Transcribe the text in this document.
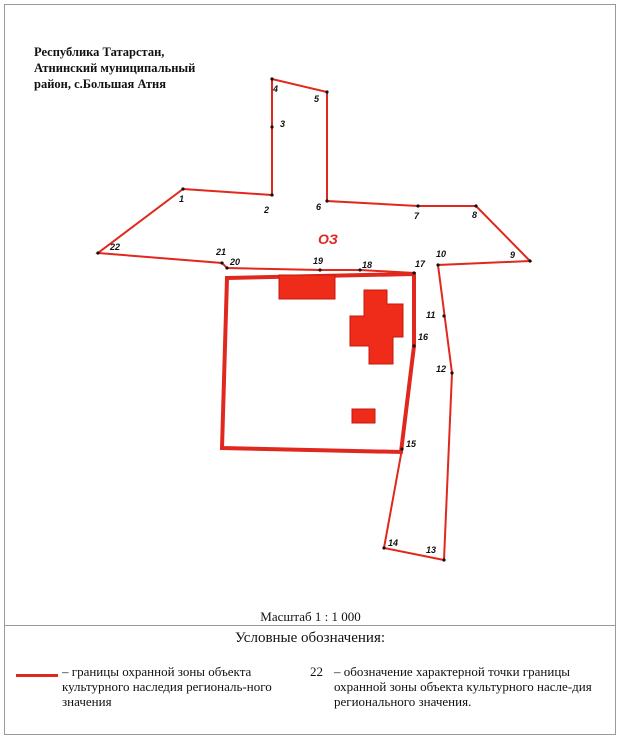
Республика Татарстан,
Атнинский муниципальный
район, с.Большая Атня
1
2
3
4
5
6
7	8
9
10
11
12
13
14
15
16
17
18
19
20
21
22	ОЗ
Масштаб 1 : 1 000
Условные обозначения:
– границы охранной зоны объекта культурного наследия региональ-ного значения
22 – обозначение характерной точки границы охранной зоны объекта культурного насле-дия регионального значения.
